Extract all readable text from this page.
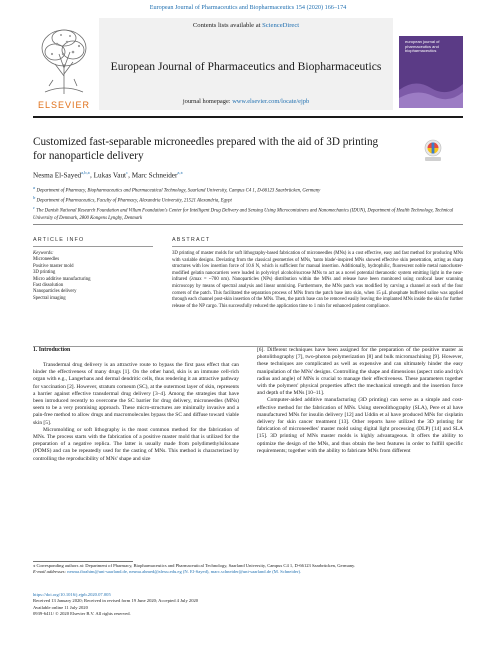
European Journal of Pharmaceutics and Biopharmaceutics 154 (2020) 166–174
ELSEVIER
Contents lists available at ScienceDirect
European Journal of Pharmaceutics and Biopharmaceutics
journal homepage: www.elsevier.com/locate/ejpb
european journal of pharmaceutics and biopharmaceutics
Customized fast-separable microneedles prepared with the aid of 3D printing for nanoparticle delivery
Nesma El-Sayed$^{a,b,⁎}$, Lukas Vaut$^c$, Marc Schneider$^{a,⁎}$
a Department of Pharmacy, Biopharmaceutics and Pharmaceutical Technology, Saarland University, Campus C4 1, D-66123 Saarbrücken, Germany
b Department of Pharmaceutics, Faculty of Pharmacy, Alexandria University, 21521 Alexandria, Egypt
c The Danish National Research Foundation and Villum Foundation's Center for Intelligent Drug Delivery and Sensing Using Microcontainers and Nanomechanics (IDUN), Department of Health Technology, Technical University of Denmark, 2800 Kongens Lyngby, Denmark
ARTICLE INFO
Keywords:
Microneedles
Positive master mold
3D printing
Micro additive manufacturing
Fast dissolution
Nanoparticles delivery
Spectral imaging
ABSTRACT
3D printing of master molds for soft lithography-based fabrication of microneedles (MNs) is a cost effective, easy and fast method for producing MNs with variable designs. Deviating from the classical geometries of MNs, 'tanto blade'-inspired MNs showed effective skin penetration, acting as sharp structures with low insertion force of 10.6 N, which is sufficient for manual insertion. Additionally, hydrophilic, fluorescent noble metal nanocluster-modified gelatin nanocarriers were loaded in polyvinyl alcohol/sucrose MNs to act as a novel potential theranostic system emitting light in the near-infrared (λmax = ~700 nm). Nanoparticles (NPs) distribution within the MNs and release have been monitored using confocal laser scanning microscopy by means of spectral analysis and linear unmixing. Furthermore, the MNs patch was modified by carving a channel at each of the four corners of the patch. This facilitated the separation process of MNs from the patch base into skin, when 15 μL phosphate buffered saline was applied through each channel post-skin insertion of the MNs. Then, the patch base can be removed easily leaving the implanted MNs inside the skin for further release of the NP cargo. This successfully reduced the application time to 1 min for enhanced patient compliance.
1. Introduction

Transdermal drug delivery is an attractive route to bypass the first pass effect that can hinder the effectiveness of many drugs [1]. On the other hand, skin is an immune cell-rich organ with e.g., Langerhans and dermal dendritic cells, thus rendering it an attractive pathway for vaccination [2]. However, stratum corneum (SC), at the outermost layer of skin, represents a barrier against effective transdermal drug delivery [3–4]. Among the strategies that have been introduced recently to overcome the SC barrier for drug delivery, microneedles (MNs) seem to be a very promising approach. These micro-structures are minimally invasive and a pain-free method to allow drugs and macromolecules bypass the SC and diffuse toward viable skin [5].

Micromolding or soft lithography is the most common method for the fabrication of MNs. The process starts with the fabrication of a positive master mold that is utilized for the preparation of a negative replica. The latter is usually made from polydimethylsiloxane (PDMS) and can be repeatedly used for the casting of MNs. This method is characterized by controlling the reproducibility of MNs' shape and size

[6]. Different techniques have been assigned for the preparation of the positive master as photolithography [7], two-photon polymerization [8] and bulk micromachining [9]. However, these techniques are complicated as well as expensive and can ultimately hinder the easy manipulation of the MNs' designs. Controlling the shape and dimensions (aspect ratio and tip's radius and angle) of MNs is crucial to manage their effectiveness. These parameters together with the polymers' physical properties affect the mechanical strength and the insertion force and depth of the MNs [10–11].

Computer-aided additive manufacturing (3D printing) can serve as a simple and cost-effective method for the fabrication of MNs. Using stereolithography (SLA), Pere et al have manufactured MNs for insulin delivery [12] and Uddin et al have produced MNs for cisplatin delivery for skin cancer treatment [13]. Other reports have utilized the 3D printing for fabrication of microneedles' master mold using digital light processing (DLP) [14] and SLA [15]. 3D printing of MNs master molds is highly advantageous. It offers the ability to optimize the design of the MNs, and thus obtain the best features in order to fulfill specific requirements; together with the ability to fabricate MNs from different

⁎ Corresponding authors at: Department of Pharmacy, Biopharmaceutics and Pharmaceutical Technology, Saarland University, Campus C4 1, D-66123 Saarbrücken, Germany.
E-mail addresses: nesma.ibrahim@uni-saarland.de, nesma.ahmed@alexu.edu.eg (N. El-Sayed), marc.schneider@uni-saarland.de (M. Schneider).
https://doi.org/10.1016/j.ejpb.2020.07.005
Received 13 January 2020; Received in revised form 19 June 2020; Accepted 4 July 2020
Available online 11 July 2020
0939-6411/ © 2020 Elsevier B.V. All rights reserved.
